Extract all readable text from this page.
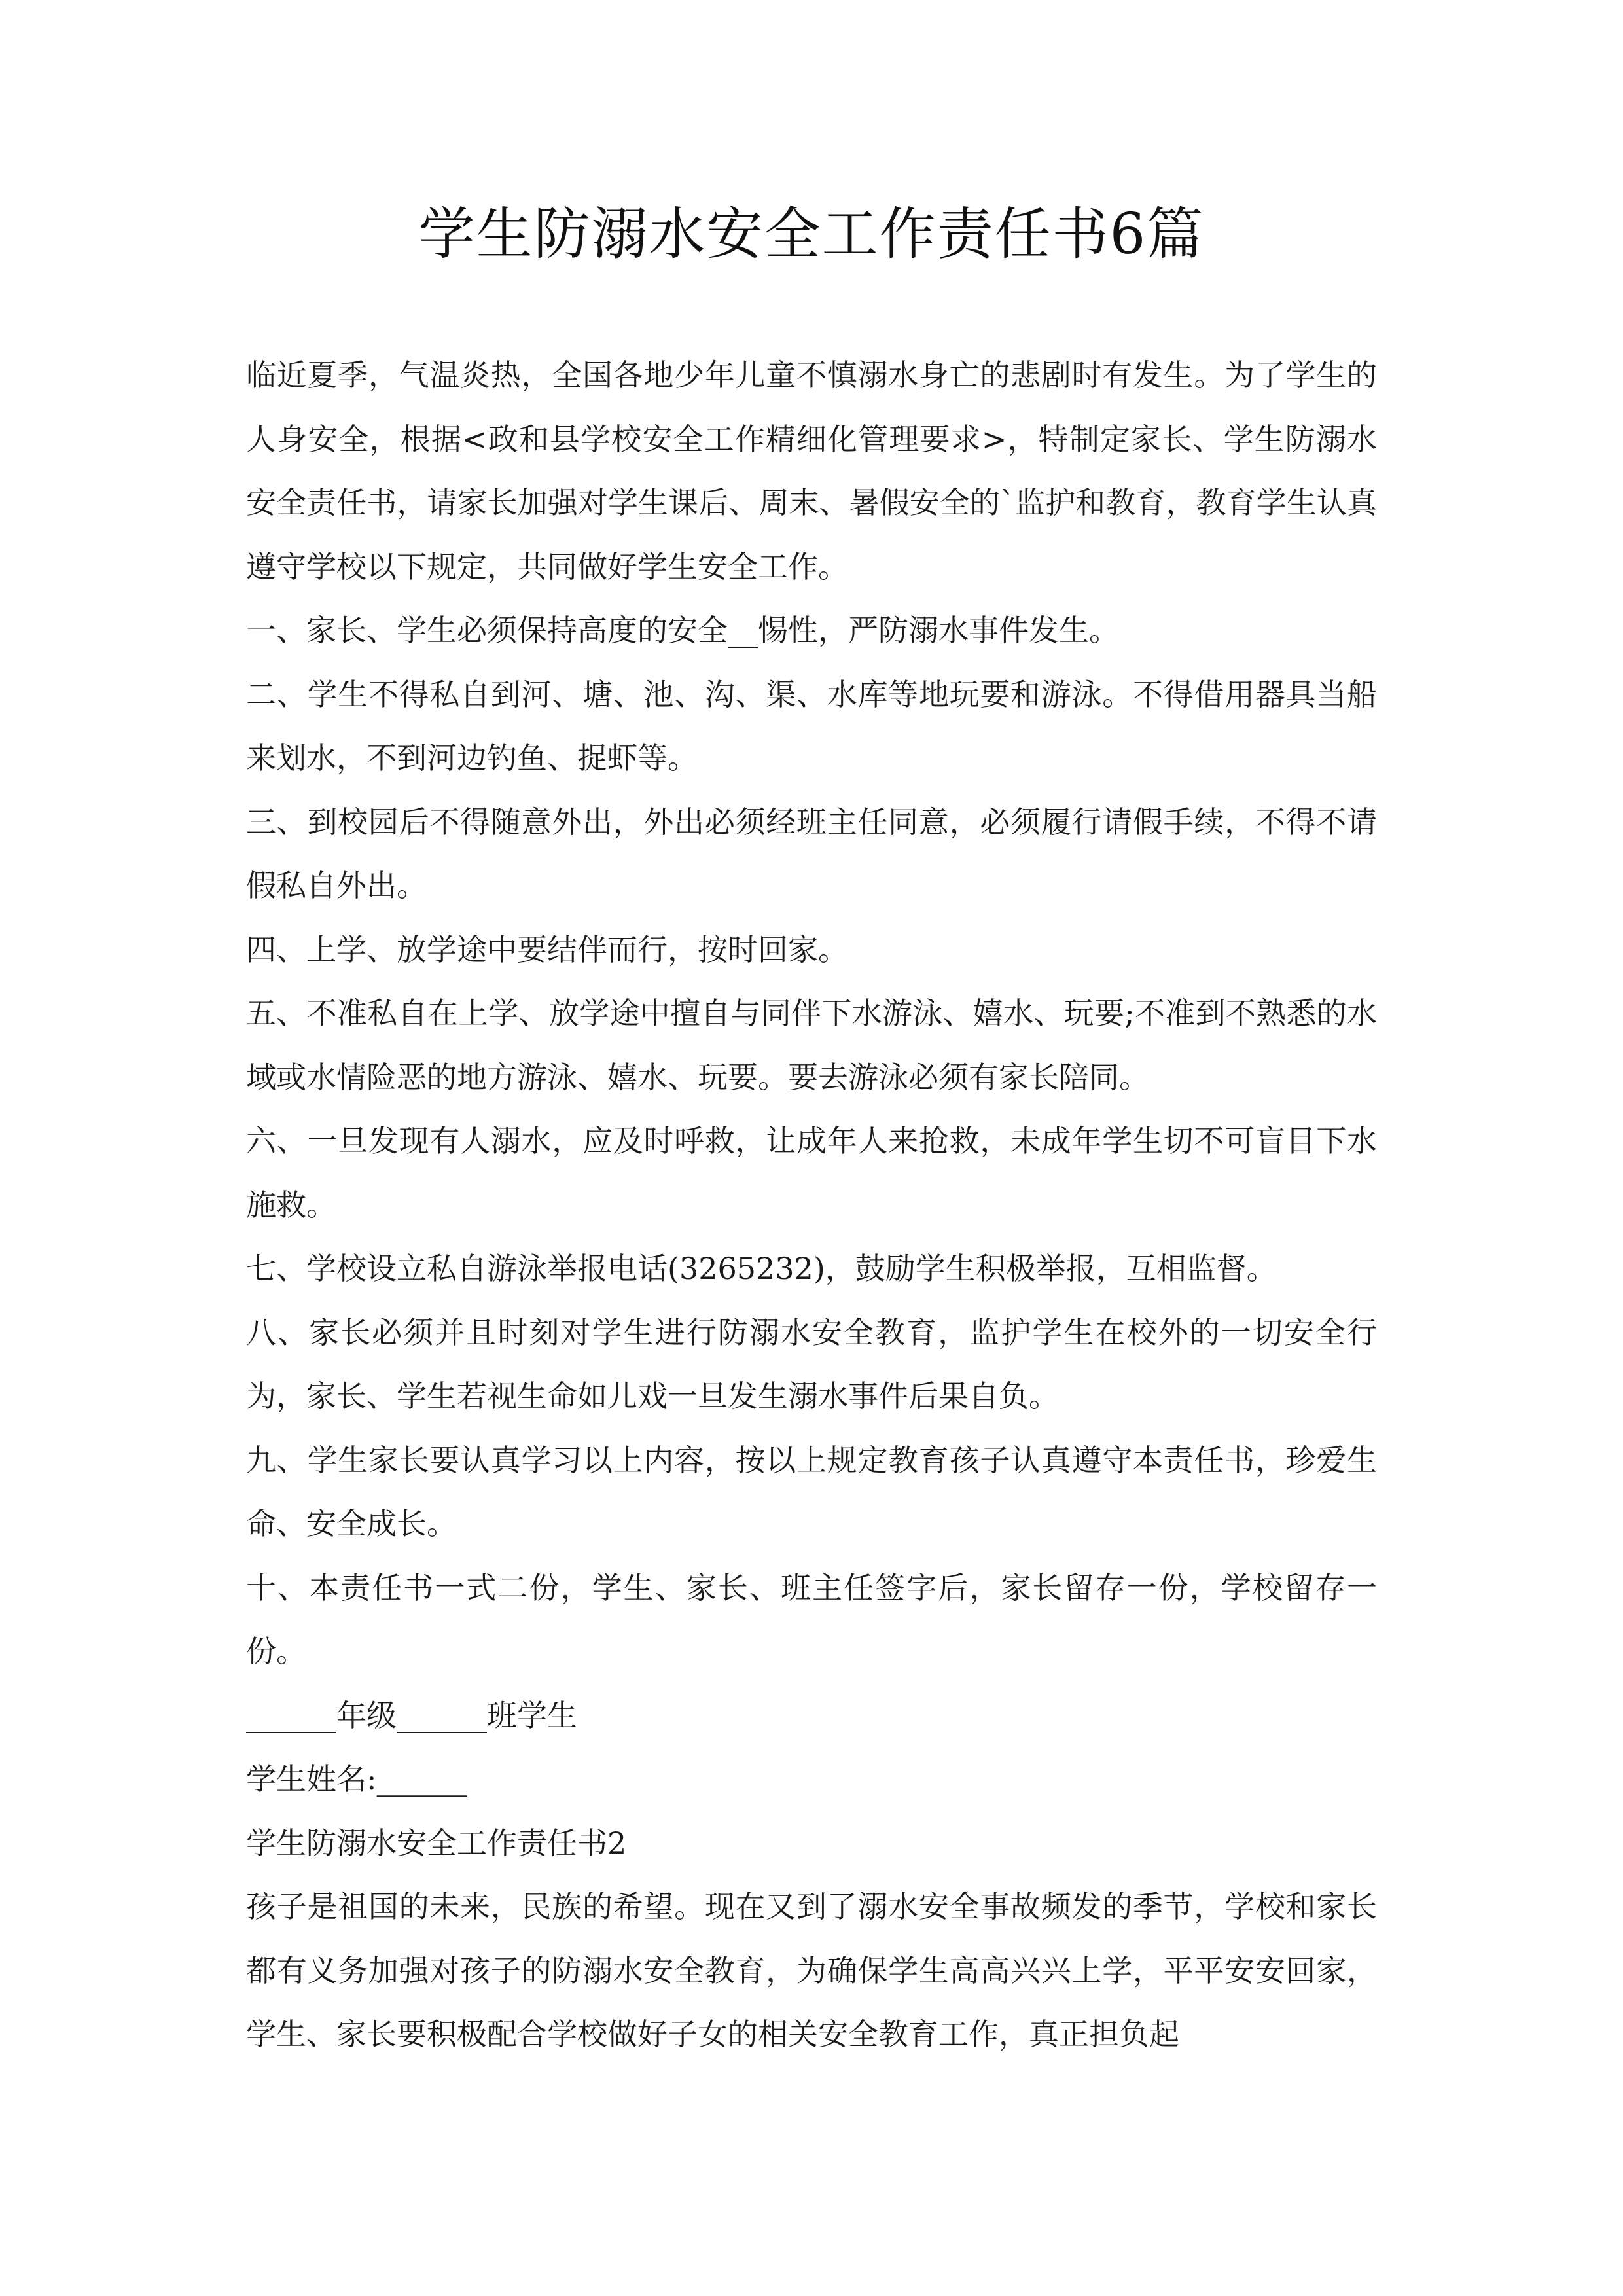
学生防溺水安全工作责任书6篇

临近夏季，气温炎热，全国各地少年儿童不慎溺水身亡的悲剧时有发生。为了学生的人身安全，根据<政和县学校安全工作精细化管理要求>，特制定家长、学生防溺水安全责任书，请家长加强对学生课后、周末、暑假安全的`监护和教育，教育学生认真遵守学校以下规定，共同做好学生安全工作。

一、家长、学生必须保持高度的安全__惕性，严防溺水事件发生。

二、学生不得私自到河、塘、池、沟、渠、水库等地玩要和游泳。不得借用器具当船来划水，不到河边钓鱼、捉虾等。

三、到校园后不得随意外出，外出必须经班主任同意，必须履行请假手续，不得不请假私自外出。

四、上学、放学途中要结伴而行，按时回家。

五、不准私自在上学、放学途中擅自与同伴下水游泳、嬉水、玩要;不准到不熟悉的水域或水情险恶的地方游泳、嬉水、玩要。要去游泳必须有家长陪同。

六、一旦发现有人溺水，应及时呼救，让成年人来抢救，未成年学生切不可盲目下水施救。

七、学校设立私自游泳举报电话(3265232)，鼓励学生积极举报，互相监督。

八、家长必须并且时刻对学生进行防溺水安全教育，监护学生在校外的一切安全行为，家长、学生若视生命如儿戏一旦发生溺水事件后果自负。

九、学生家长要认真学习以上内容，按以上规定教育孩子认真遵守本责任书，珍爱生命、安全成长。

十、本责任书一式二份，学生、家长、班主任签字后，家长留存一份，学校留存一份。

______年级______班学生

学生姓名:______

学生防溺水安全工作责任书2

孩子是祖国的未来，民族的希望。现在又到了溺水安全事故频发的季节，学校和家长都有义务加强对孩子的防溺水安全教育，为确保学生高高兴兴上学，平平安安回家，学生、家长要积极配合学校做好子女的相关安全教育工作，真正担负起
